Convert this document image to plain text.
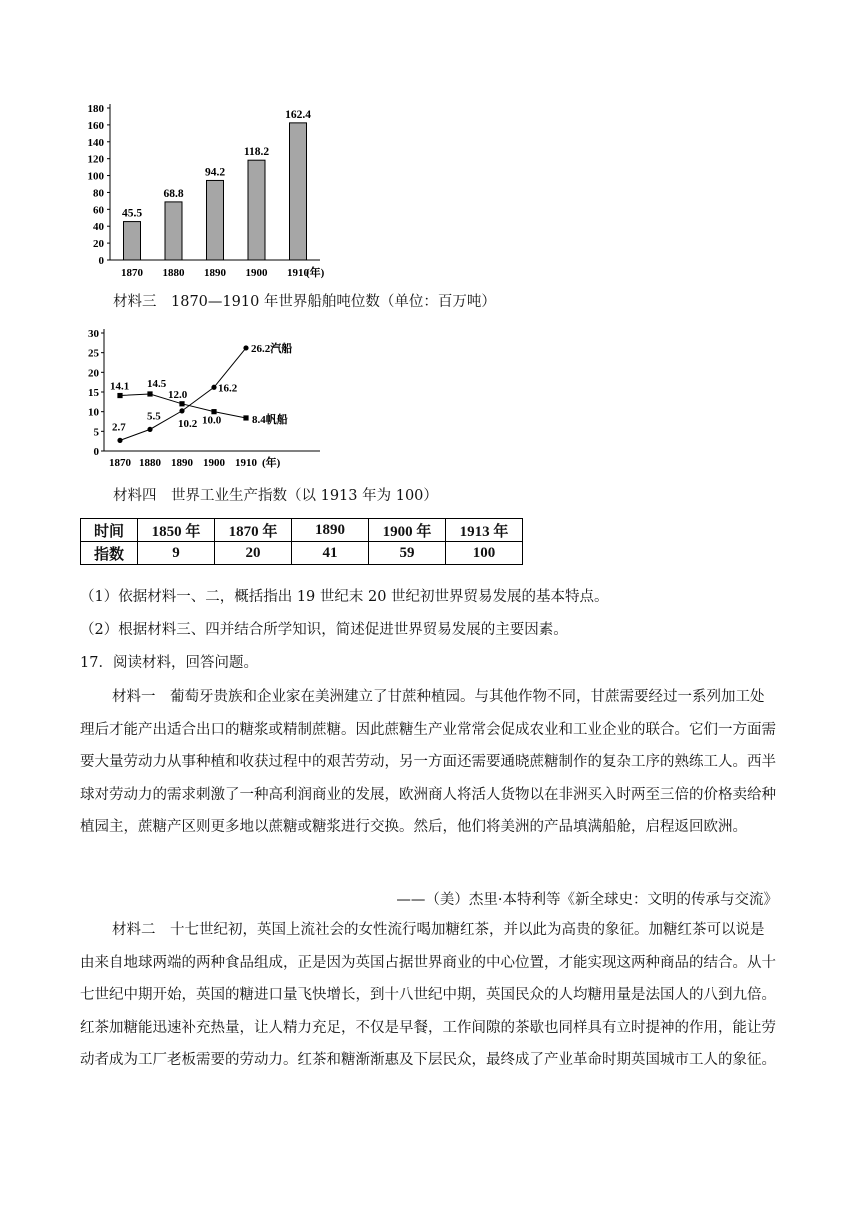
0
20
40
60
80
100
120
140
160
180
45.5
1870
68.8
1880
94.2
1890
118.2
1900
162.4
1910
(年)
材料三　1870—1910 年世界船舶吨位数（单位：百万吨）
0
5
10
15
20
25
30
1870 1880 1890 1900 1910 (年)
2.7
5.5
10.2
16.2
26.2汽船
14.1 14.5
12.0
10.0	8.4帆船
材料四　世界工业生产指数（以 1913 年为 100）
时间	1850 年	1870 年	1890	1900 年	1913 年
指数	9	20	41	59	100
（1）依据材料一、二，概括指出 19 世纪末 20 世纪初世界贸易发展的基本特点。
（2）根据材料三、四并结合所学知识，简述促进世界贸易发展的主要因素。
17．阅读材料，回答问题。

材料一　葡萄牙贵族和企业家在美洲建立了甘蔗种植园。与其他作物不同，甘蔗需要经过一系列加工处理后才能产出适合出口的糖浆或精制蔗糖。因此蔗糖生产业常常会促成农业和工业企业的联合。它们一方面需要大量劳动力从事种植和收获过程中的艰苦劳动，另一方面还需要通晓蔗糖制作的复杂工序的熟练工人。西半球对劳动力的需求刺激了一种高利润商业的发展，欧洲商人将活人货物以在非洲买入时两至三倍的价格卖给种植园主，蔗糖产区则更多地以蔗糖或糖浆进行交换。然后，他们将美洲的产品填满船舱，启程返回欧洲。

——（美）杰里·本特利等《新全球史：文明的传承与交流》

材料二　十七世纪初，英国上流社会的女性流行喝加糖红茶，并以此为高贵的象征。加糖红茶可以说是由来自地球两端的两种食品组成，正是因为英国占据世界商业的中心位置，才能实现这两种商品的结合。从十七世纪中期开始，英国的糖进口量飞快增长，到十八世纪中期，英国民众的人均糖用量是法国人的八到九倍。红茶加糖能迅速补充热量，让人精力充足，不仅是早餐，工作间隙的茶歇也同样具有立时提神的作用，能让劳动者成为工厂老板需要的劳动力。红茶和糖渐渐惠及下层民众，最终成了产业革命时期英国城市工人的象征。
